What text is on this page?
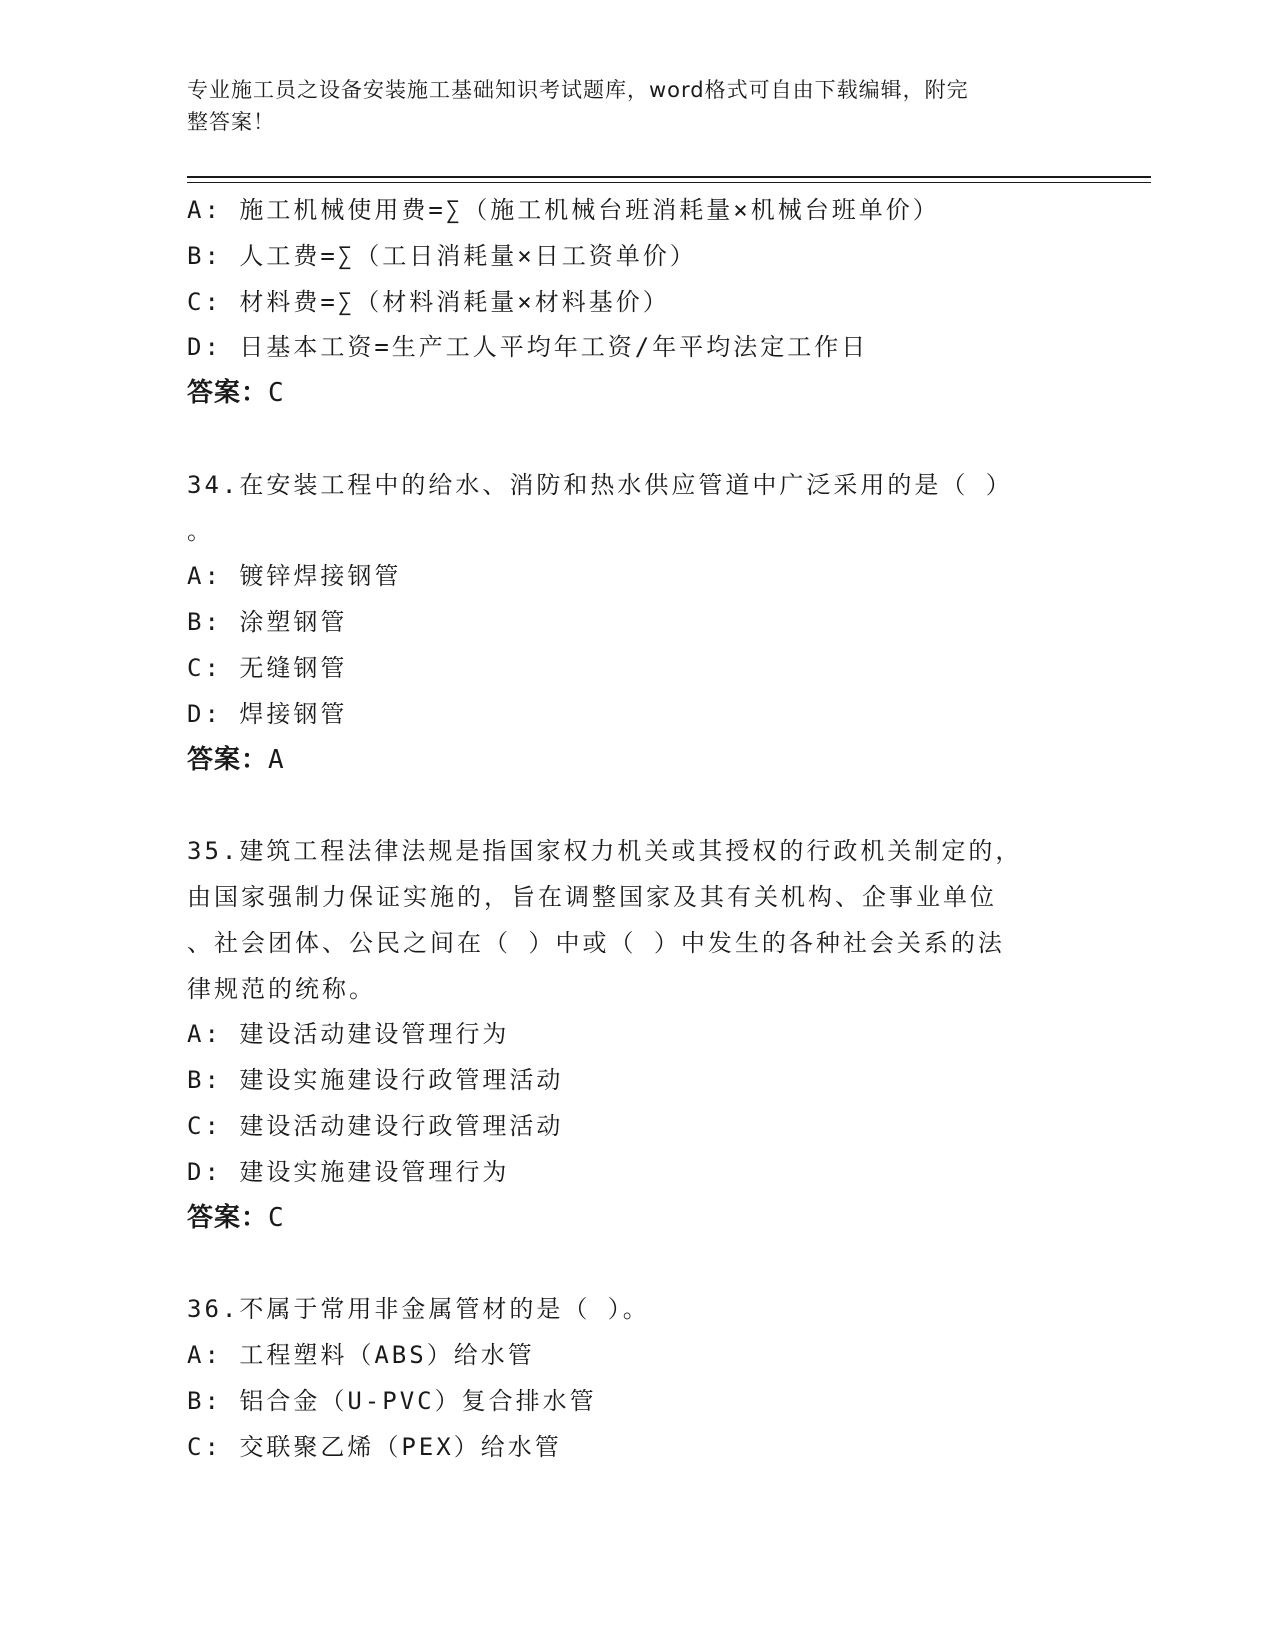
专业施工员之设备安装施工基础知识考试题库，word格式可自由下载编辑，附完
整答案！
A: 施工机械使用费=∑（施工机械台班消耗量×机械台班单价）
B: 人工费=∑（工日消耗量×日工资单价）
C: 材料费=∑（材料消耗量×材料基价）
D: 日基本工资=生产工人平均年工资/年平均法定工作日
答案：C
34.在安装工程中的给水、消防和热水供应管道中广泛采用的是（ ）
。
A: 镀锌焊接钢管
B: 涂塑钢管
C: 无缝钢管
D: 焊接钢管
答案：A
35.建筑工程法律法规是指国家权力机关或其授权的行政机关制定的，
由国家强制力保证实施的，旨在调整国家及其有关机构、企事业单位
、社会团体、公民之间在（ ）中或（ ）中发生的各种社会关系的法
律规范的统称。
A: 建设活动建设管理行为
B: 建设实施建设行政管理活动
C: 建设活动建设行政管理活动
D: 建设实施建设管理行为
答案：C
36.不属于常用非金属管材的是（ ）。
A: 工程塑料（ABS）给水管
B: 铝合金（U-PVC）复合排水管
C: 交联聚乙烯（PEX）给水管
